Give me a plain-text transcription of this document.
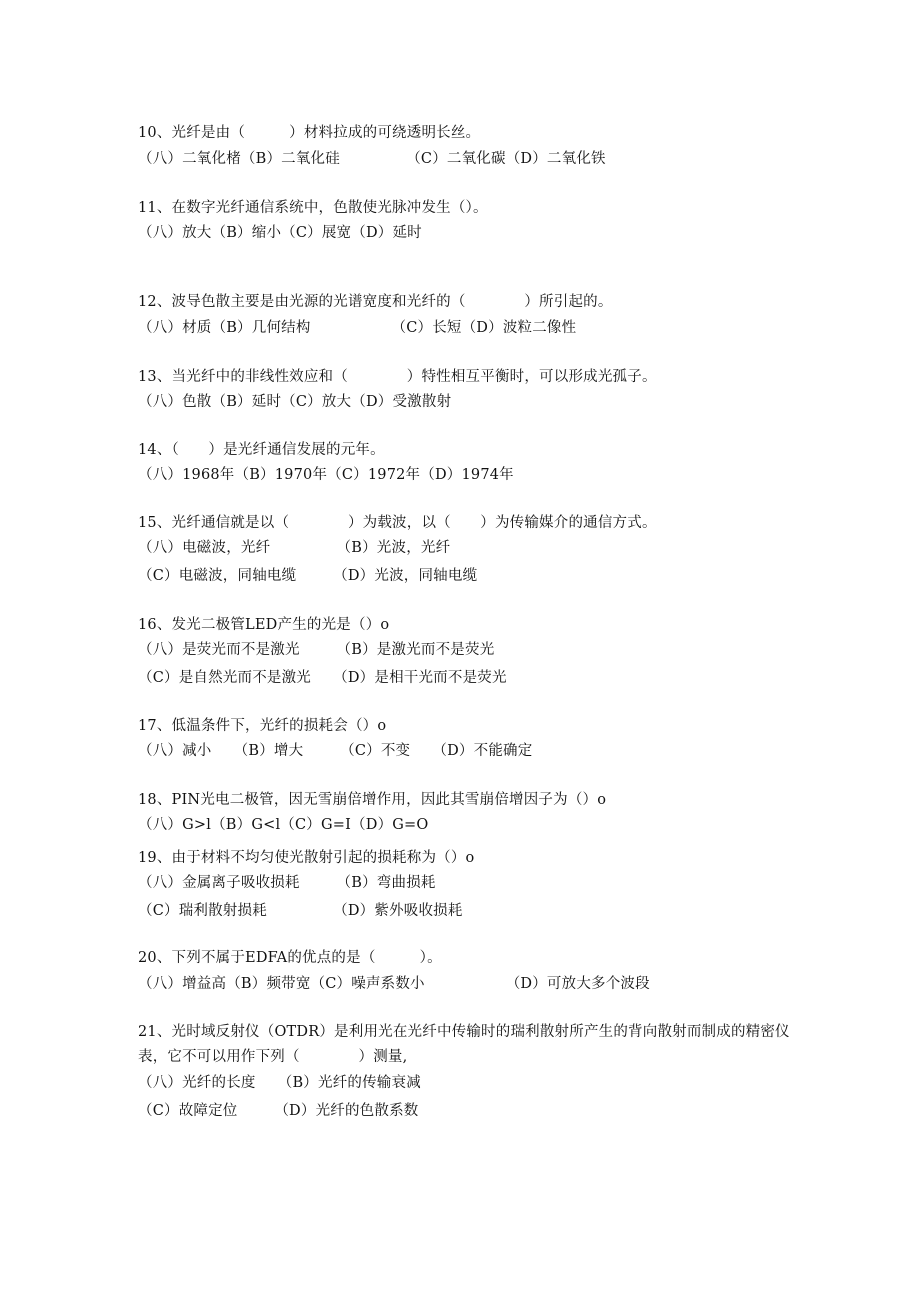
10、光纤是由（　　　）材料拉成的可绕透明长丝。
（八）二氧化楮（B）二氧化硅　　　　　（C）二氧化碳（D）二氧化铁
11、在数字光纤通信系统中，色散使光脉冲发生（）。
（八）放大（B）缩小（C）展宽（D）延时
12、波导色散主要是由光源的光谱宽度和光纤的（　　　　）所引起的。
（八）材质（B）几何结构　　　　　　（C）长短（D）波粒二像性
13、当光纤中的非线性效应和（　　　　）特性相互平衡时，可以形成光孤子。
（八）色散（B）延时（C）放大（D）受激散射
14、（　　）是光纤通信发展的元年。
（八）1968年（B）1970年（C）1972年（D）1974年
15、光纤通信就是以（　　　　）为载波，以（　　）为传输媒介的通信方式。
（八）电磁波，光纤　　　　　（B）光波，光纤
（C）电磁波，同轴电缆　　　（D）光波，同轴电缆
16、发光二极管LED产生的光是（）o
（八）是荧光而不是激光　　　（B）是激光而不是荧光
（C）是自然光而不是激光　　（D）是相干光而不是荧光
17、低温条件下，光纤的损耗会（）o
（八）减小　　（B）增大　　　（C）不变　　（D）不能确定
18、PIN光电二极管，因无雪崩倍增作用，因此其雪崩倍增因子为（）o
（八）G>l（B）G<l（C）G=I（D）G=O
19、由于材料不均匀使光散射引起的损耗称为（）o
（八）金属离子吸收损耗　　　（B）弯曲损耗
（C）瑞利散射损耗　　　　　（D）紫外吸收损耗
20、下列不属于EDFA的优点的是（　　　）。
（八）增益高（B）频带宽（C）噪声系数小　　　　　　（D）可放大多个波段
21、光时域反射仪（OTDR）是利用光在光纤中传输时的瑞利散射所产生的背向散射而制成的精密仪
表，它不可以用作下列（　　　　）测量,
（八）光纤的长度　　（B）光纤的传输衰减
（C）故障定位　　　（D）光纤的色散系数
